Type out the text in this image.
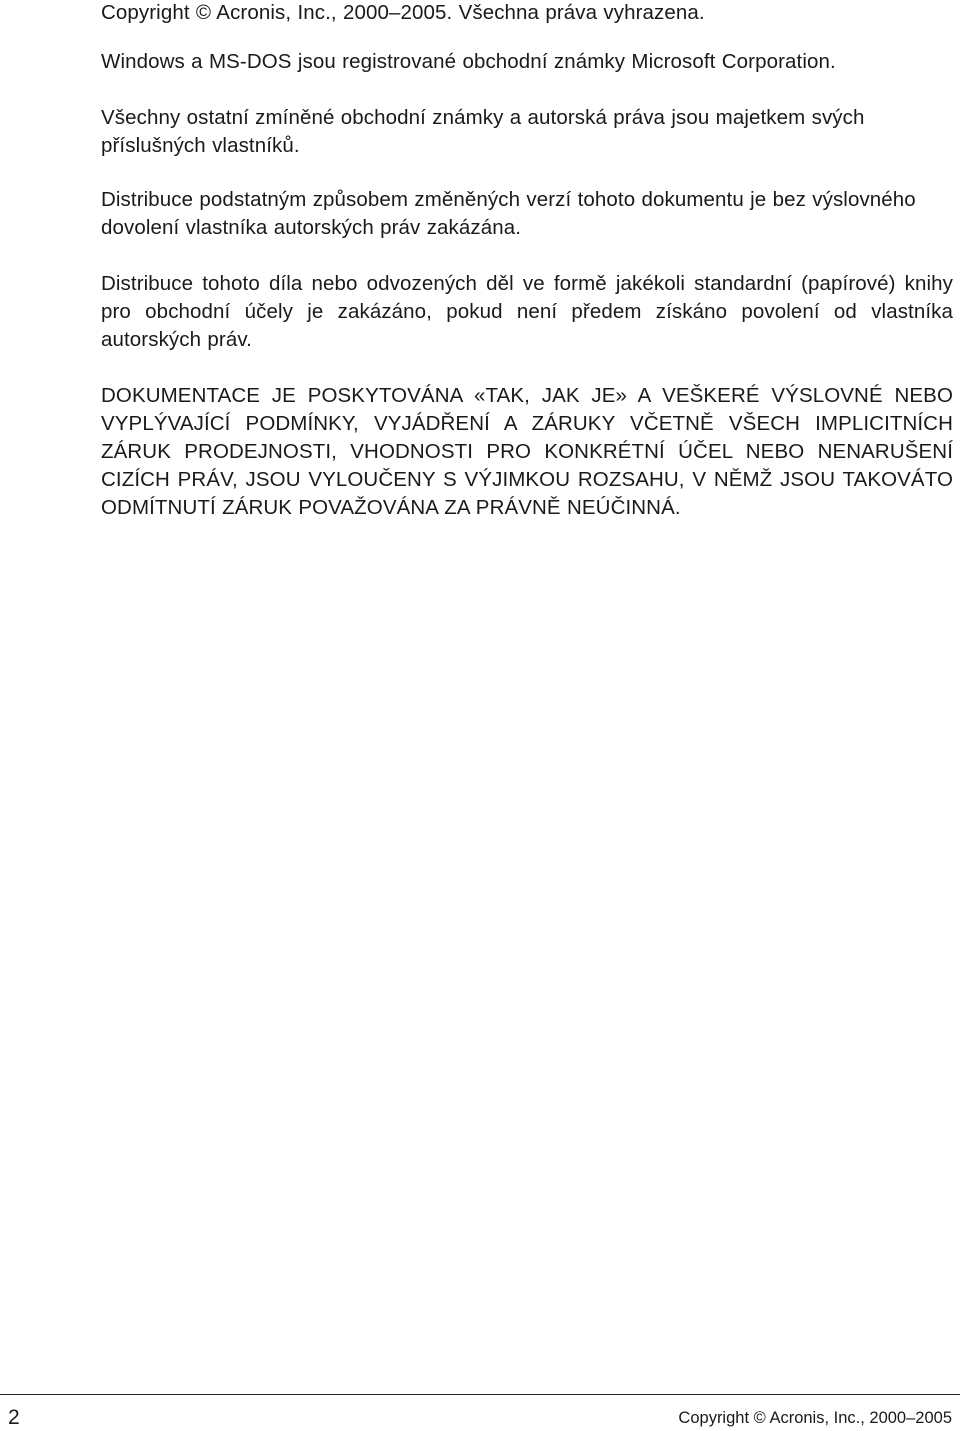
Copyright © Acronis, Inc., 2000–2005. Všechna práva vyhrazena.

Windows a MS-DOS jsou registrované obchodní známky Microsoft Corporation.

Všechny ostatní zmíněné obchodní známky a autorská práva jsou majetkem svých příslušných vlastníků.

Distribuce podstatným způsobem změněných verzí tohoto dokumentu je bez výslovného dovolení vlastníka autorských práv zakázána.

Distribuce tohoto díla nebo odvozených děl ve formě jakékoli standardní (papírové) knihy pro obchodní účely je zakázáno, pokud není předem získáno povolení od vlastníka autorských práv.

DOKUMENTACE JE POSKYTOVÁNA «TAK, JAK JE» A VEŠKERÉ VÝSLOVNÉ NEBO VYPLÝVAJÍCÍ PODMÍNKY, VYJÁDŘENÍ A ZÁRUKY VČETNĚ VŠECH IMPLICITNÍCH ZÁRUK PRODEJNOSTI, VHODNOSTI PRO KONKRÉTNÍ ÚČEL NEBO NENARUŠENÍ CIZÍCH PRÁV, JSOU VYLOUČENY S VÝJIMKOU ROZSAHU, V NĚMŽ JSOU TAKOVÁTO ODMÍTNUTÍ ZÁRUK POVAŽOVÁNA ZA PRÁVNĚ NEÚČINNÁ.

2	Copyright © Acronis, Inc., 2000–2005
